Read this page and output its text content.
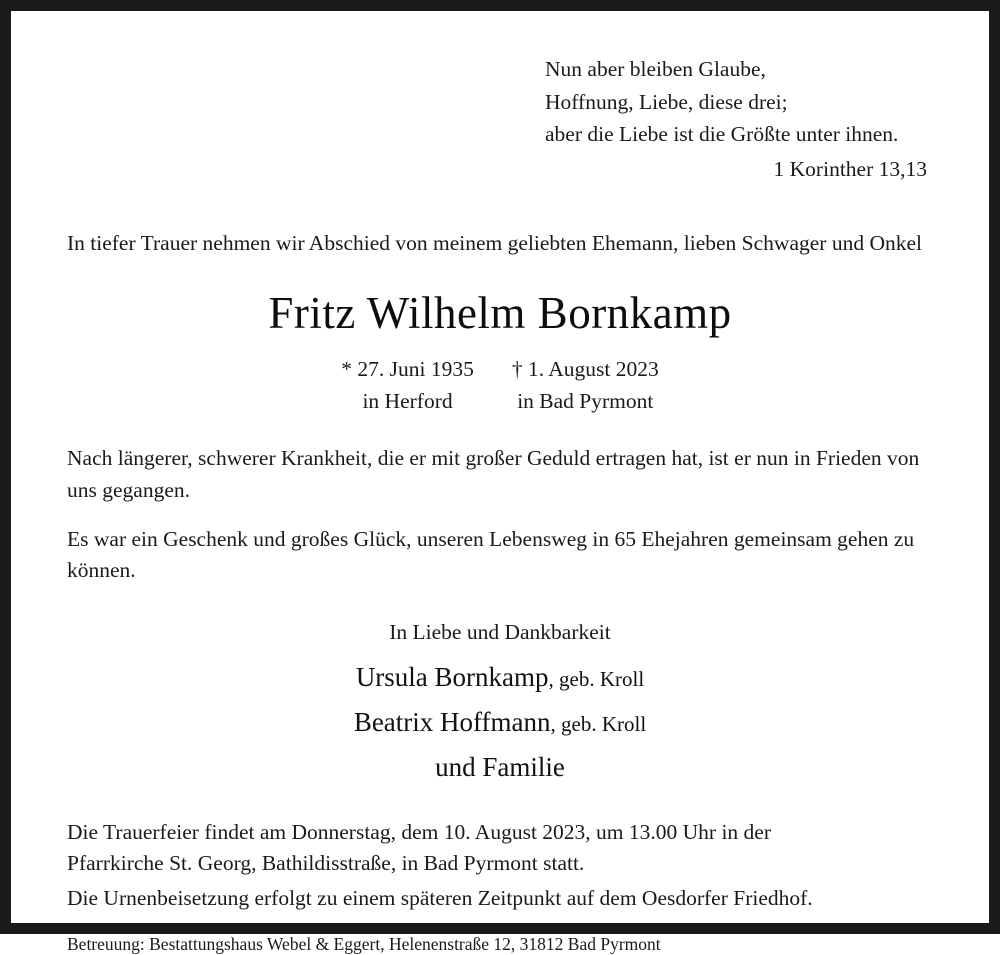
Nun aber bleiben Glaube,
Hoffnung, Liebe, diese drei;
aber die Liebe ist die Größte unter ihnen.
1 Korinther 13,13
In tiefer Trauer nehmen wir Abschied von meinem geliebten Ehemann, lieben Schwager und Onkel
Fritz Wilhelm Bornkamp
* 27. Juni 1935
in Herford
† 1. August 2023
in Bad Pyrmont
Nach längerer, schwerer Krankheit, die er mit großer Geduld ertragen hat, ist er nun in Frieden von uns gegangen.
Es war ein Geschenk und großes Glück, unseren Lebensweg in 65 Ehejahren gemeinsam gehen zu können.
In Liebe und Dankbarkeit
Ursula Bornkamp, geb. Kroll
Beatrix Hoffmann, geb. Kroll
und Familie
Die Trauerfeier findet am Donnerstag, dem 10. August 2023, um 13.00 Uhr in der
Pfarrkirche St. Georg, Bathildisstraße, in Bad Pyrmont statt.
Die Urnenbeisetzung erfolgt zu einem späteren Zeitpunkt auf dem Oesdorfer Friedhof.
Betreuung: Bestattungshaus Webel & Eggert, Helenenstraße 12, 31812 Bad Pyrmont
